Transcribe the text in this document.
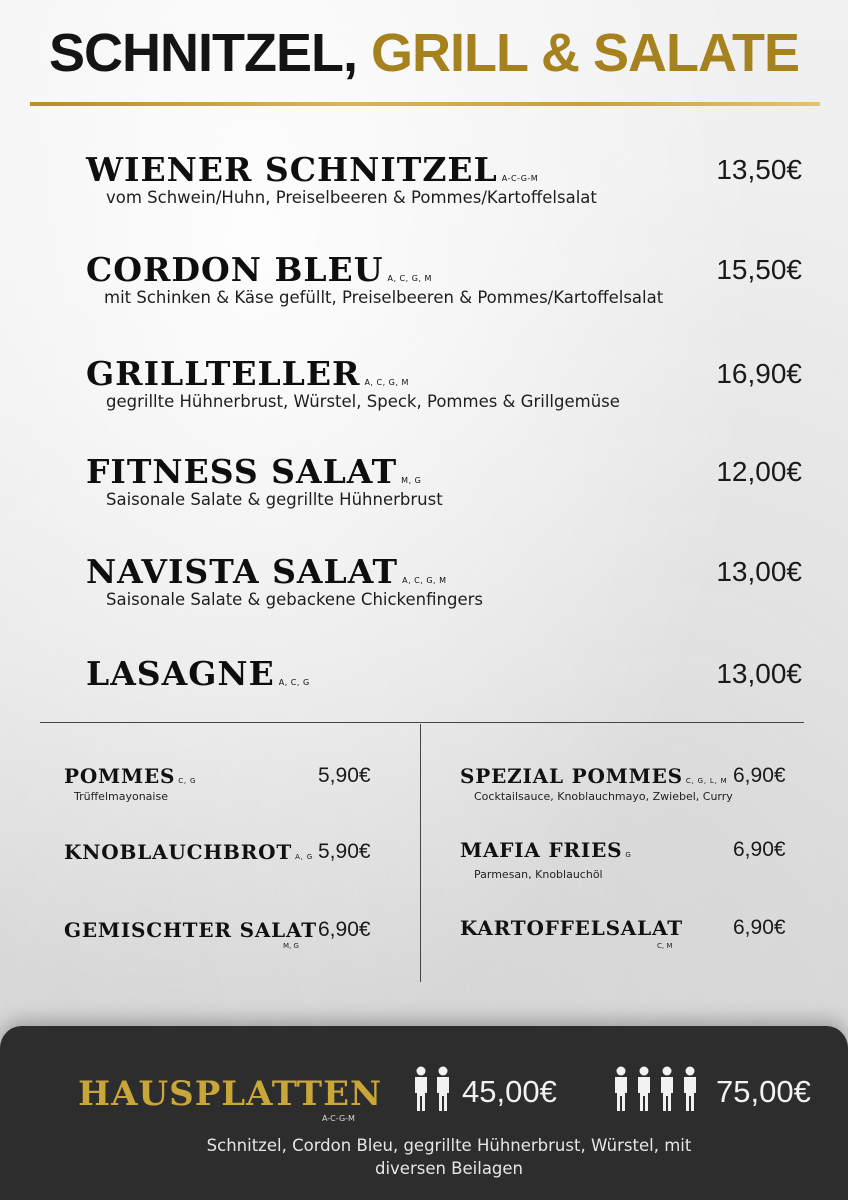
SCHNITZEL, GRILL & SALATE
WIENER SCHNITZEL A-C-G-M	13,50€
vom Schwein/Huhn, Preiselbeeren & Pommes/Kartoffelsalat
CORDON BLEU A, C, G, M	15,50€
mit Schinken & Käse gefüllt, Preiselbeeren & Pommes/Kartoffelsalat
GRILLTELLER A, C, G, M	16,90€
gegrillte Hühnerbrust, Würstel, Speck, Pommes & Grillgemüse
FITNESS SALAT M, G	12,00€
Saisonale Salate & gegrillte Hühnerbrust
NAVISTA SALAT A, C, G, M	13,00€
Saisonale Salate & gebackene Chickenfingers
LASAGNE A, C, G	13,00€
POMMES C, G	5,90€
Trüffelmayonaise
KNOBLAUCHBROT A, G 5,90€
GEMISCHTER SALAT
M, G
6,90€
SPEZIAL POMMES C, G, L, M 6,90€
Cocktailsauce, Knoblauchmayo, Zwiebel, Curry
MAFIA FRIES G	6,90€
Parmesan, Knoblauchöl
KARTOFFELSALAT
C, M
6,90€
HAUSPLATTEN
A-C-G-M
45,00€	75,00€
Schnitzel, Cordon Bleu, gegrillte Hühnerbrust, Würstel, mit
diversen Beilagen
